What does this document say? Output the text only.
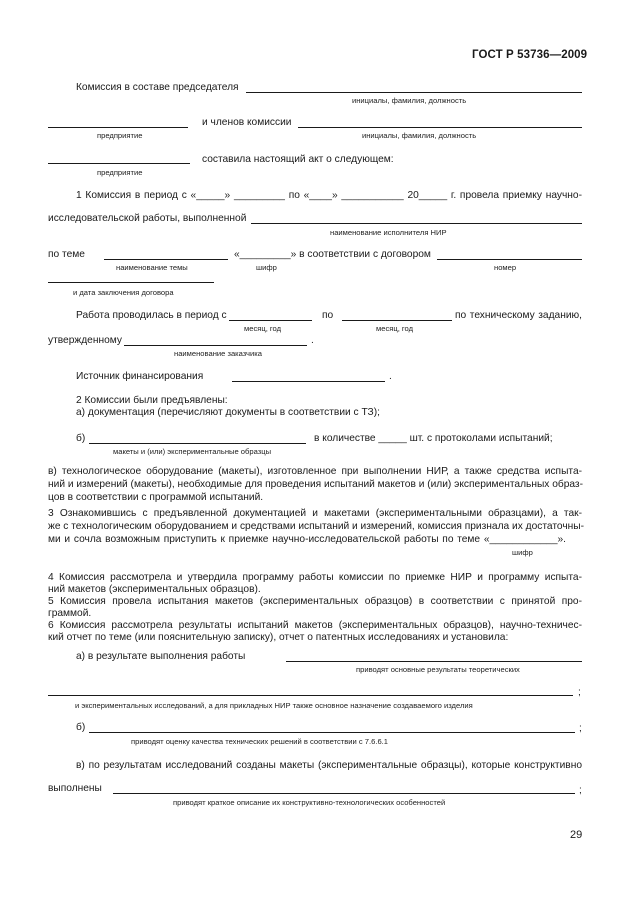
ГОСТ Р 53736—2009
Комиссия в составе председателя
инициалы, фамилия, должность
и членов комиссии
предприятие	инициалы, фамилия, должность
составила настоящий акт о следующем:
предприятие
1 Комиссия в период с «_____» _________ по «____» ___________ 20_____ г. провела приемку научно-
исследовательской работы, выполненной
наименование исполнителя НИР
по теме	«_________» в соответствии с договором
наименование темы	шифр	номер
и дата заключения договора
Работа проводилась в период с	по	по техническому заданию,
месяц, год	месяц, год
утвержденному	.
наименование заказчика
Источник финансирования	.
2 Комиссии были предъявлены:
а) документация (перечисляют документы в соответствии с ТЗ);
б)	в количестве _____ шт. с протоколами испытаний;
макеты и (или) экспериментальные образцы
в) технологическое оборудование (макеты), изготовленное при выполнении НИР, а также средства испыта-
ний и измерений (макеты), необходимые для проведения испытаний макетов и (или) экспериментальных образ-
цов в соответствии с программой испытаний.
3 Ознакомившись с предъявленной документацией и макетами (экспериментальными образцами), а так-
же с технологическим оборудованием и средствами испытаний и измерений, комиссия признала их достаточны-
ми и сочла возможным приступить к приемке научно-исследовательской работы по теме «____________».
шифр
4 Комиссия рассмотрела и утвердила программу работы комиссии по приемке НИР и программу испыта-
ний макетов (экспериментальных образцов).
5 Комиссия провела испытания макетов (экспериментальных образцов) в соответствии с принятой про-
граммой.
6 Комиссия рассмотрела результаты испытаний макетов (экспериментальных образцов), научно-техничес-
кий отчет по теме (или пояснительную записку), отчет о патентных исследованиях и установила:
а) в результате выполнения работы
приводят основные результаты теоретических
;
и экспериментальных исследований, а для прикладных НИР также основное назначение создаваемого изделия
б)	;
приводят оценку качества технических решений в соответствии с 7.6.6.1
в) по результатам исследований созданы макеты (экспериментальные образцы), которые конструктивно
выполнены	;
приводят краткое описание их конструктивно-технологических особенностей
29
